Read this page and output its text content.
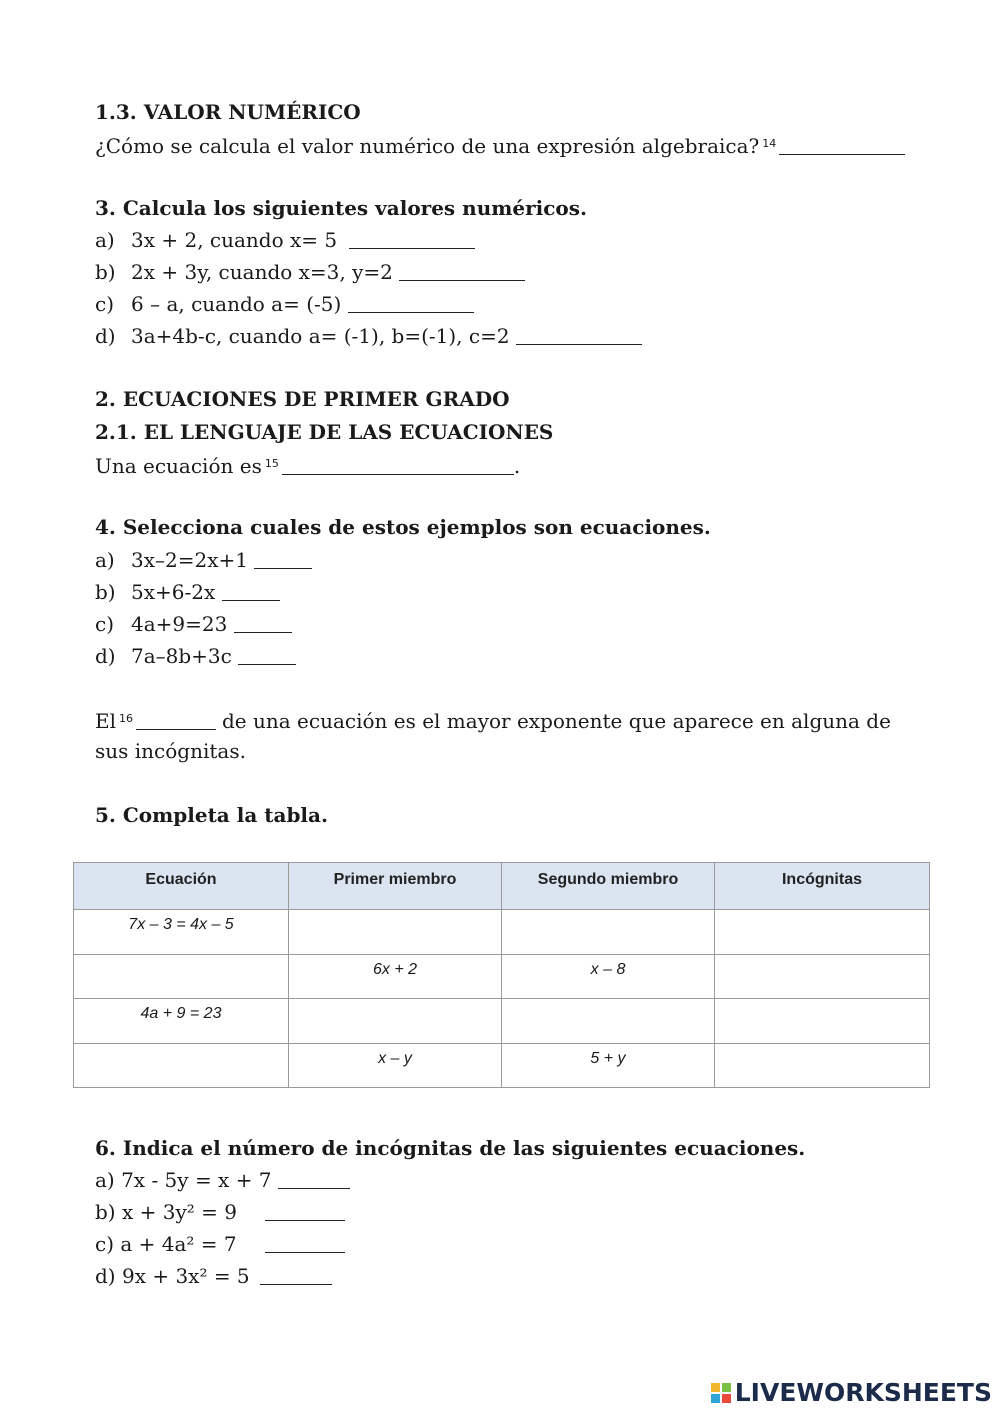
1.3. VALOR NUMÉRICO
¿Cómo se calcula el valor numérico de una expresión algebraica? $^{14}$
3. Calcula los siguientes valores numéricos.
a) 3x + 2, cuando x= 5
b) 2x + 3y, cuando x=3, y=2
c) 6 – a, cuando a= (-5)
d) 3a+4b-c, cuando a= (-1), b=(-1), c=2
2. ECUACIONES DE PRIMER GRADO
2.1. EL LENGUAJE DE LAS ECUACIONES
Una ecuación es $^{15}$	.
4. Selecciona cuales de estos ejemplos son ecuaciones.
a) 3x–2=2x+1
b) 5x+6-2x
c) 4a+9=23
d) 7a–8b+3c
El $^{16}$	de una ecuación es el mayor exponente que aparece en alguna de
sus incógnitas.
5. Completa la tabla.
Ecuación	Primer miembro	Segundo miembro	Incógnitas
7x – 3 = 4x – 5			
	6x + 2	x – 8	
4a + 9 = 23			
	x – y	5 + y	
6. Indica el número de incógnitas de las siguientes ecuaciones.
a) 7x - 5y = x + 7
b) x + 3y² = 9
c) a + 4a² = 7
d) 9x + 3x² = 5
LIVEWORKSHEETS
